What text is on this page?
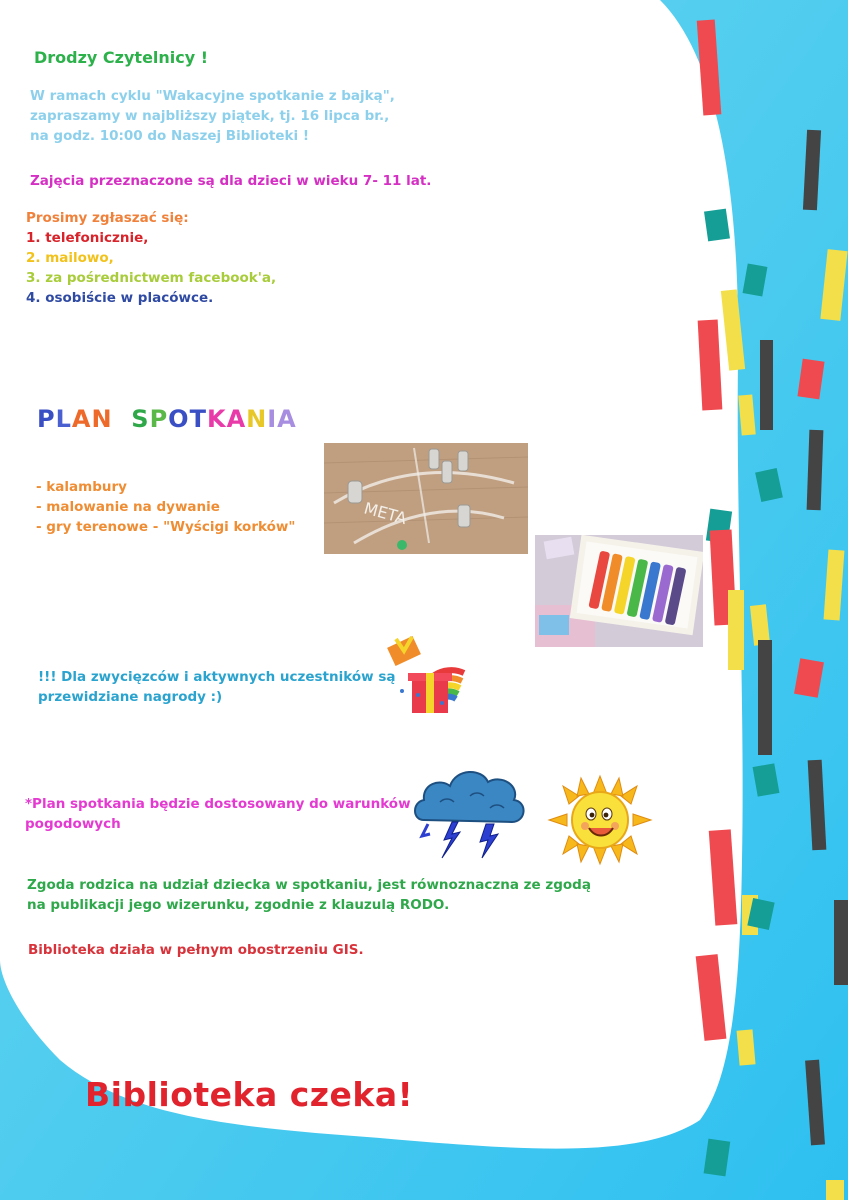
Drodzy Czytelnicy !

W ramach cyklu "Wakacyjne spotkanie z bajką",
zapraszamy w najbliższy piątek, tj. 16 lipca br.,
na godz. 10:00 do Naszej Biblioteki !

Zajęcia przeznaczone są dla dzieci w wieku 7- 11 lat.

Prosimy zgłaszać się:

1. telefonicznie,
2. mailowo,
3. za pośrednictwem facebook'a,
4. osobiście w placówce.
PLAN SPOTKANIA
- kalambury
- malowanie na dywanie
- gry terenowe - "Wyścigi korków"	META
!!! Dla zwycięzców i aktywnych uczestników są
przewidziane nagrody :)
*Plan spotkania będzie dostosowany do warunków
pogodowych
Zgoda rodzica na udział dziecka w spotkaniu, jest równoznaczna ze zgodą
na publikacji jego wizerunku, zgodnie z klauzulą RODO.

Biblioteka działa w pełnym obostrzeniu GIS.

Biblioteka czeka!
